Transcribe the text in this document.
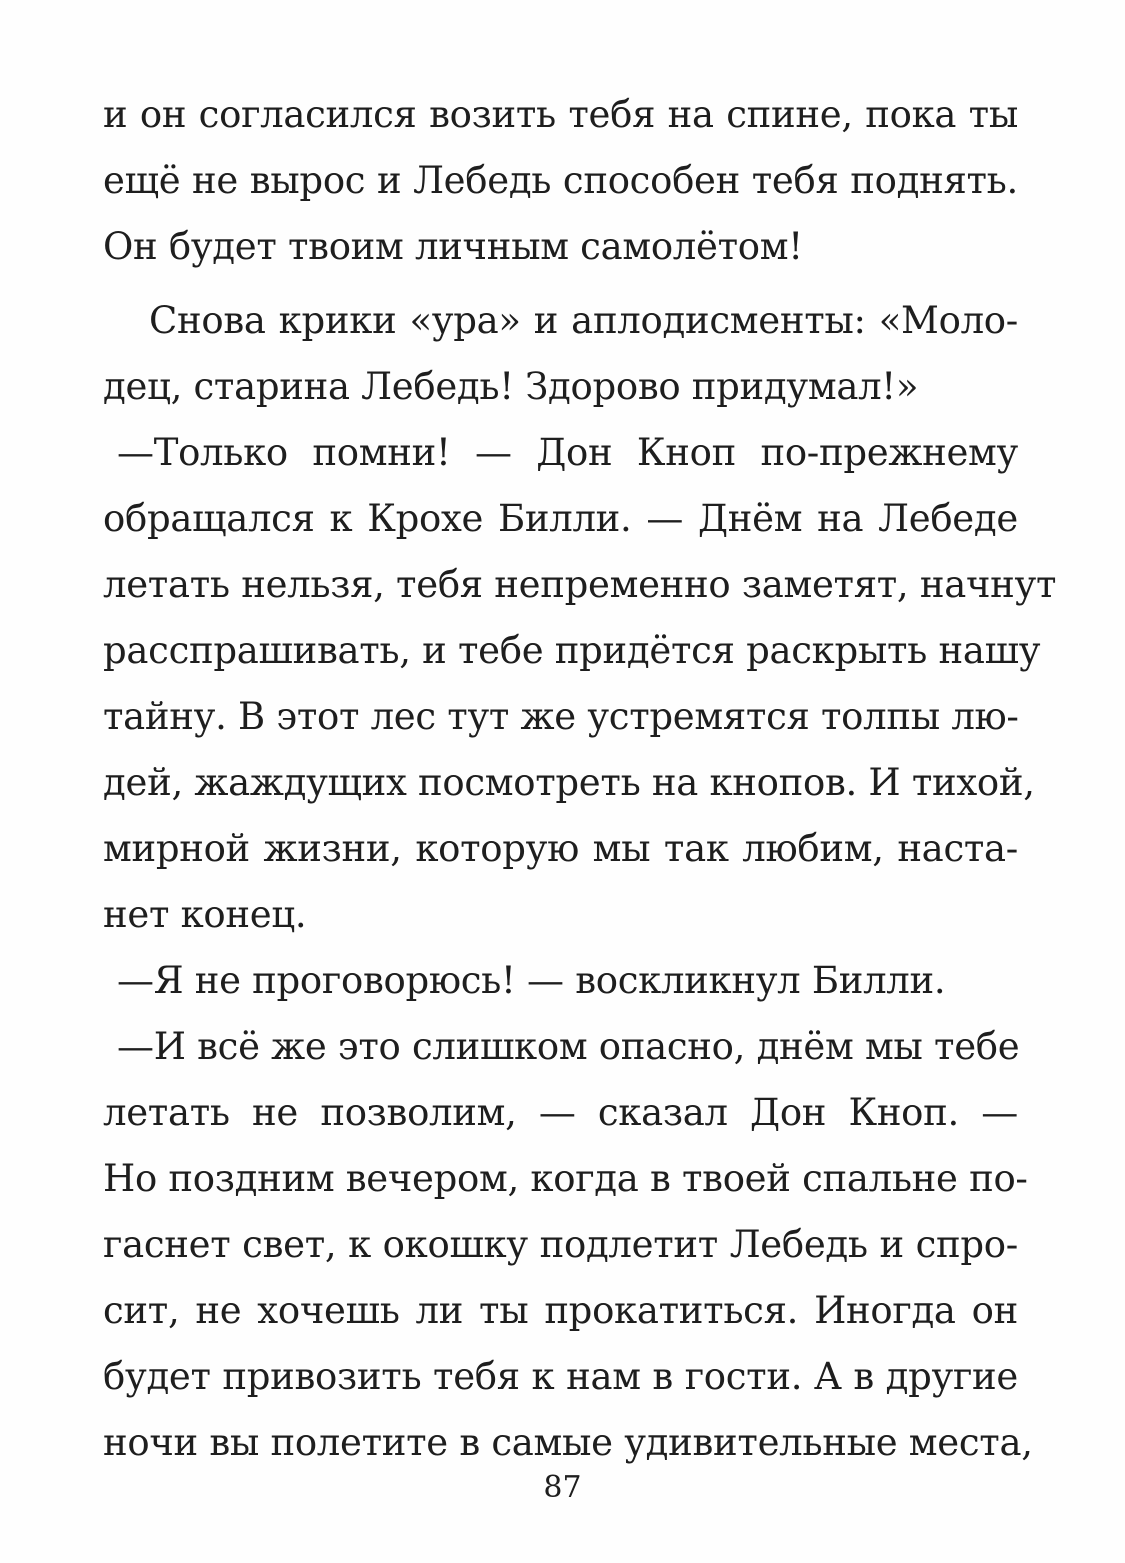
и он согласился возить тебя на спине, пока ты
ещё не вырос и Лебедь способен тебя поднять.
Он будет твоим личным самолётом!
Снова крики «ура» и аплодисменты: «Моло-
дец, старина Лебедь! Здорово придумал!»
—Только помни! — Дон Кноп по-прежнему
обращался к Крохе Билли. — Днём на Лебеде
летать нельзя, тебя непременно заметят, начнут
расспрашивать, и тебе придётся раскрыть нашу
тайну. В этот лес тут же устремятся толпы лю-
дей, жаждущих посмотреть на кнопов. И тихой,
мирной жизни, которую мы так любим, наста-
нет конец.
—Я не проговорюсь! — воскликнул Билли.
—И всё же это слишком опасно, днём мы тебе
летать не позволим, — сказал Дон Кноп. —
Но поздним вечером, когда в твоей спальне по-
гаснет свет, к окошку подлетит Лебедь и спро-
сит, не хочешь ли ты прокатиться. Иногда он
будет привозить тебя к нам в гости. А в другие
ночи вы полетите в самые удивительные места,
87
